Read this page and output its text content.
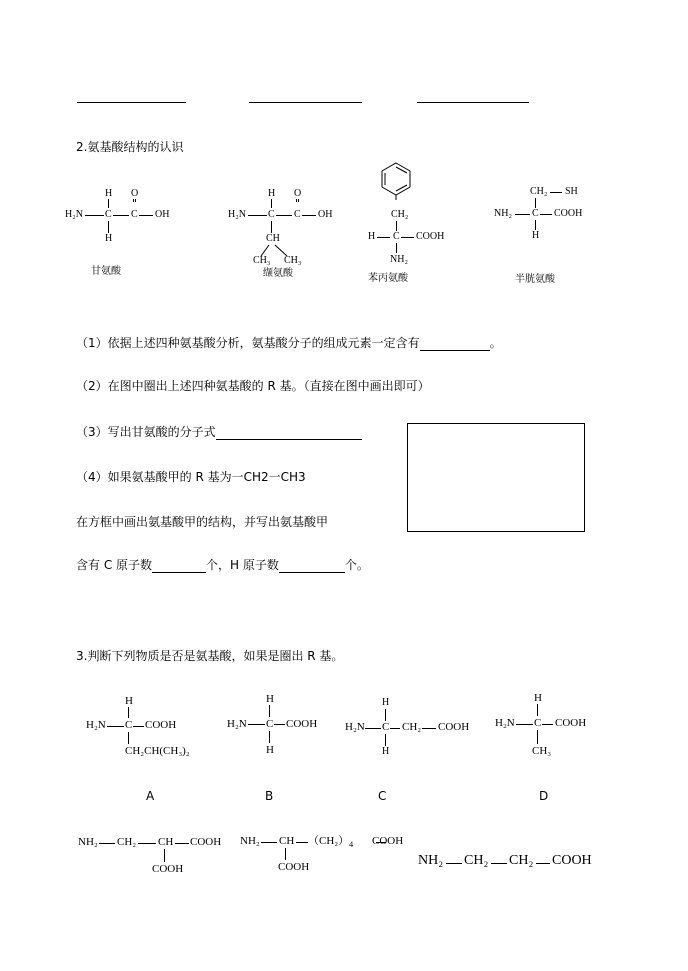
2.氨基酸结构的认识
H O
H₂N C C OH
H
甘氨酸
H O
H₂N C C OH
CH
CH₃ CH₃
缬氨酸
CH₂
H C COOH
NH₂
苯丙氨酸
CH₂ SH
NH₂ C COOH
H
半胱氨酸
（1）依据上述四种氨基酸分析，氨基酸分子的组成元素一定含有	。
（2）在图中圈出上述四种氨基酸的 R 基。（直接在图中画出即可）
（3）写出甘氨酸的分子式
（4）如果氨基酸甲的 R 基为一CH2一CH3
在方框中画出氨基酸甲的结构，并写出氨基酸甲
含有 C 原子数	个，H 原子数	个。
3.判断下列物质是否是氨基酸，如果是圈出 R 基。
H
H₂N C COOH
CH₂CH(CH₃)₂
A
H
H₂N C COOH
H
B
H
H₂N C CH₂ COOH
H
C
H
H₂N C COOH
CH₃
D
NH₂ CH₂ CH COOH
COOH
NH₂ CH $(CH_2)_4$ COOH
COOH	NH₂ CH₂ CH₂ COOH
